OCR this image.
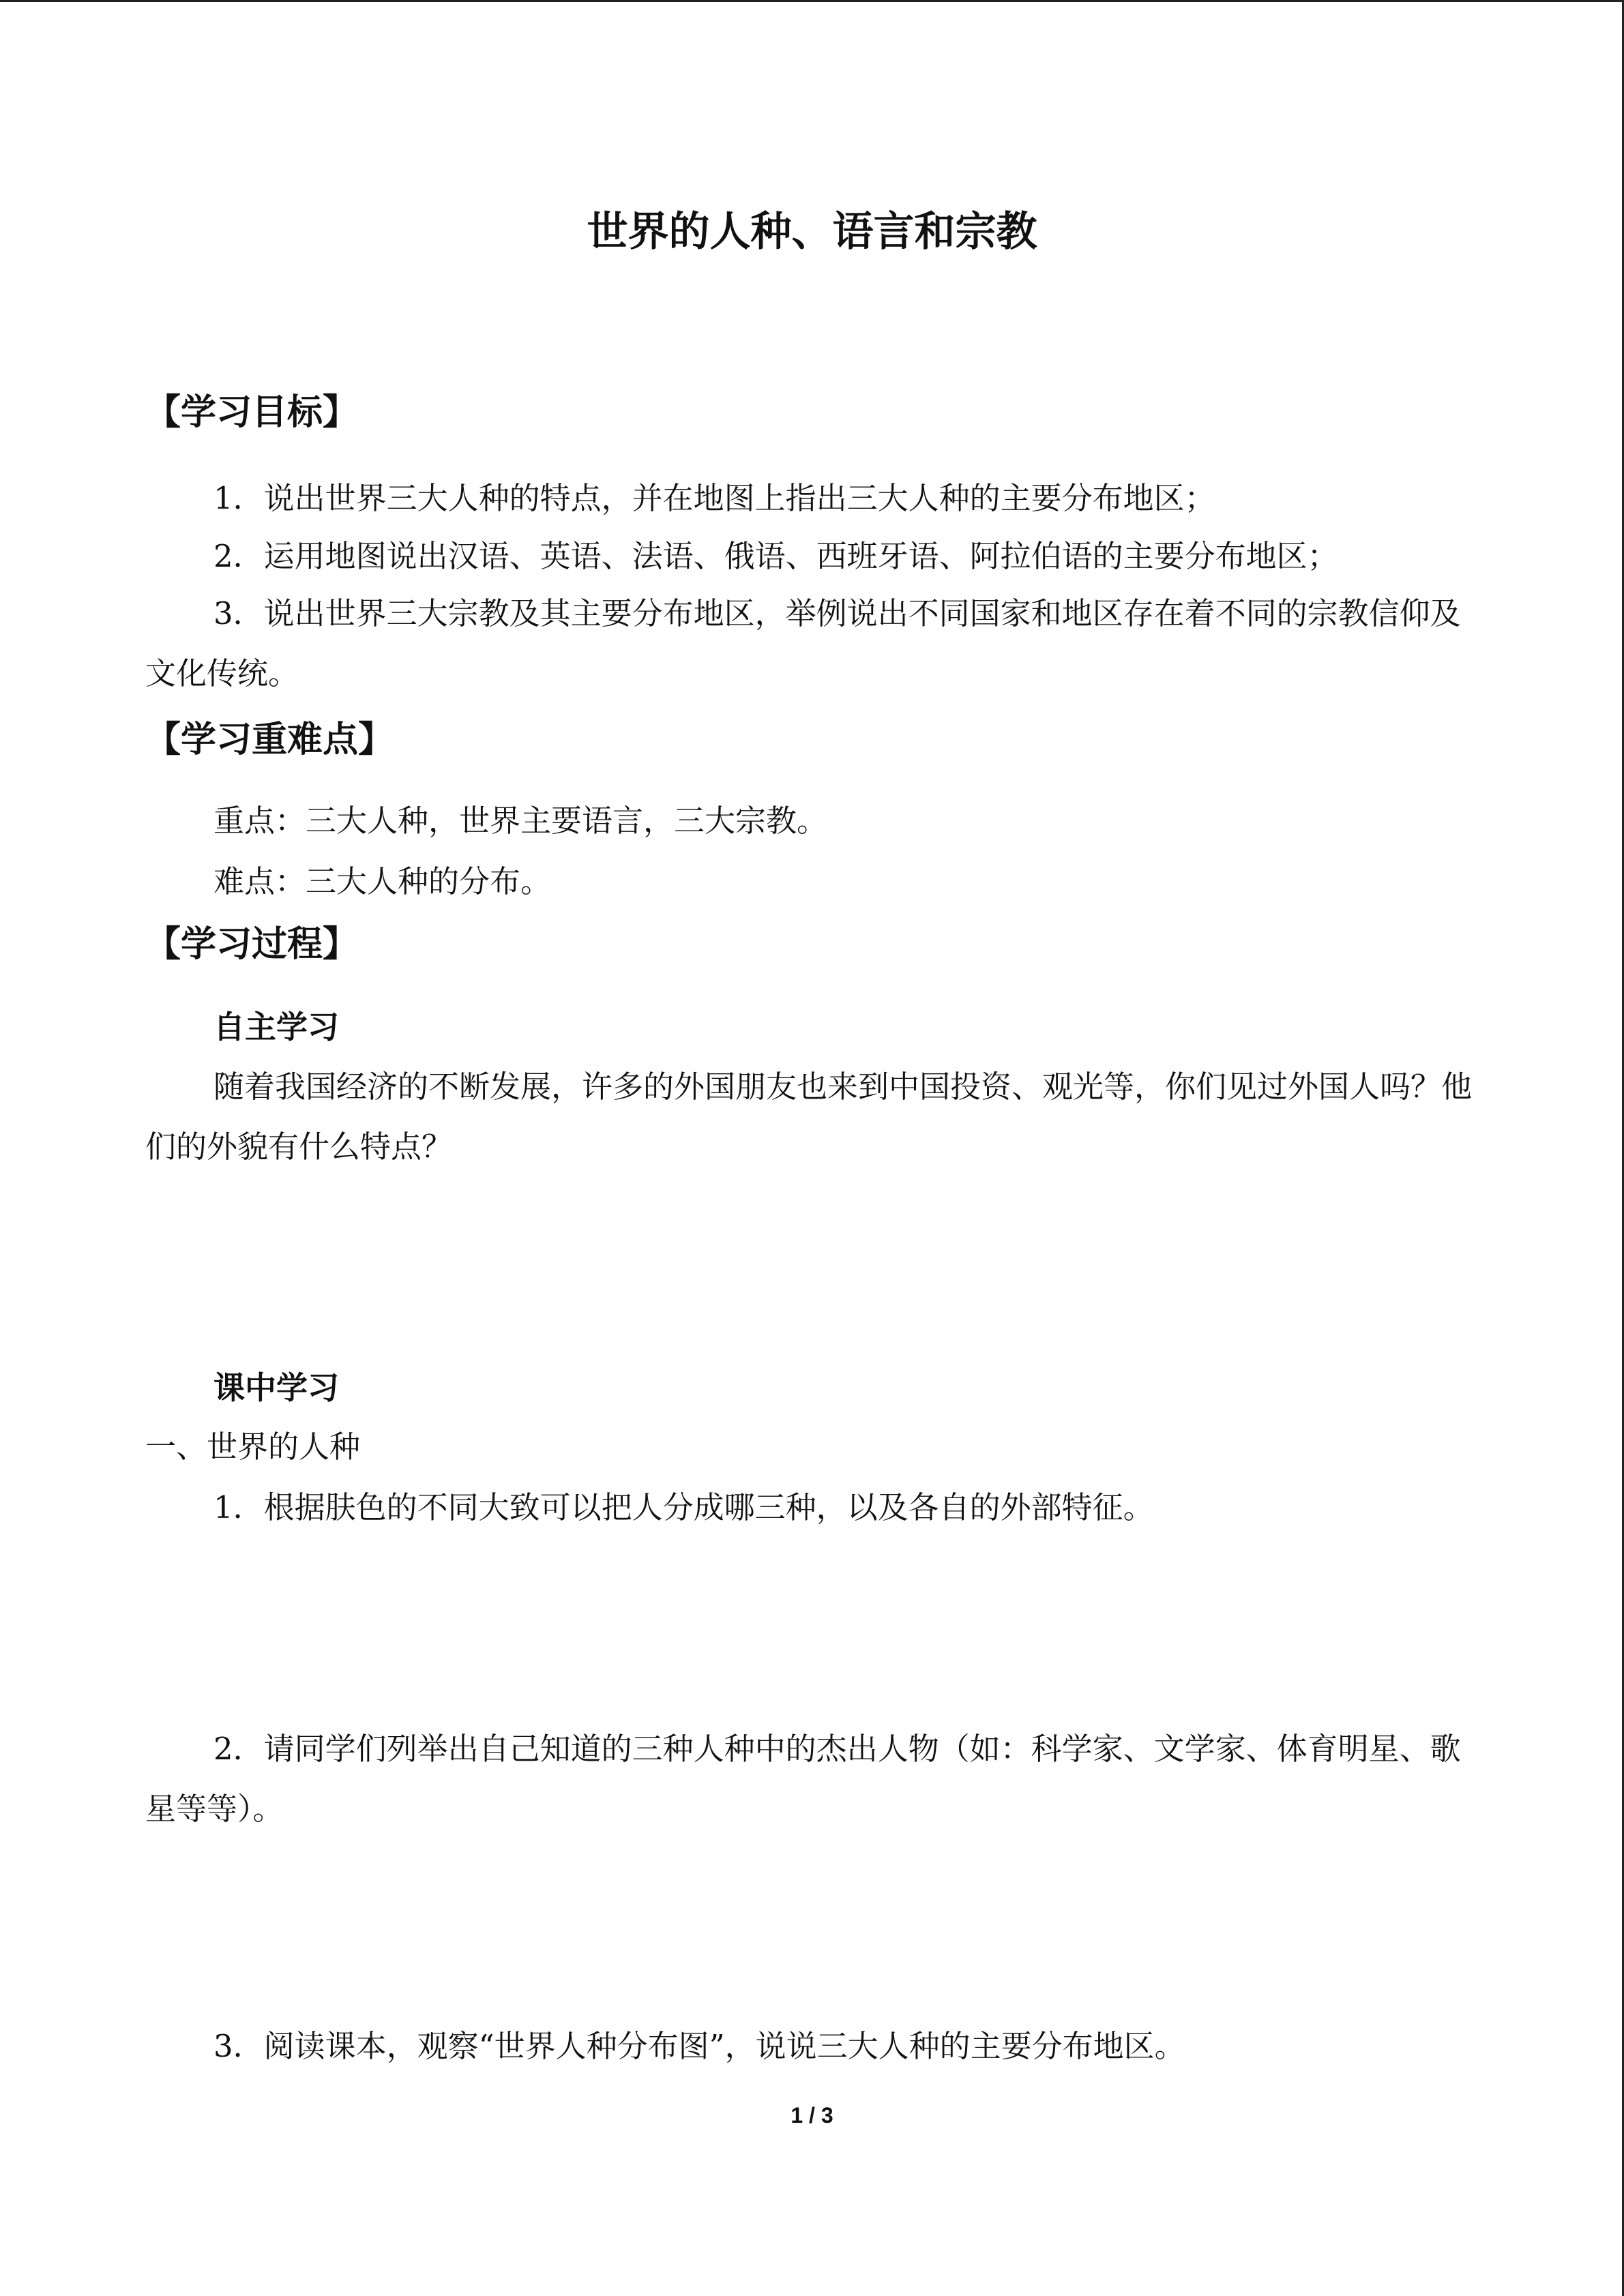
世界的人种、语言和宗教
【学习目标】
1．说出世界三大人种的特点，并在地图上指出三大人种的主要分布地区；
2．运用地图说出汉语、英语、法语、俄语、西班牙语、阿拉伯语的主要分布地区；
3．说出世界三大宗教及其主要分布地区，举例说出不同国家和地区存在着不同的宗教信仰及文化传统。
【学习重难点】
重点：三大人种，世界主要语言，三大宗教。
难点：三大人种的分布。
【学习过程】
自主学习
随着我国经济的不断发展，许多的外国朋友也来到中国投资、观光等，你们见过外国人吗？他们的外貌有什么特点？
课中学习
一、世界的人种
1．根据肤色的不同大致可以把人分成哪三种，以及各自的外部特征。
2．请同学们列举出自己知道的三种人种中的杰出人物（如：科学家、文学家、体育明星、歌星等等）。
3．阅读课本，观察“世界人种分布图”，说说三大人种的主要分布地区。
1 / 3
